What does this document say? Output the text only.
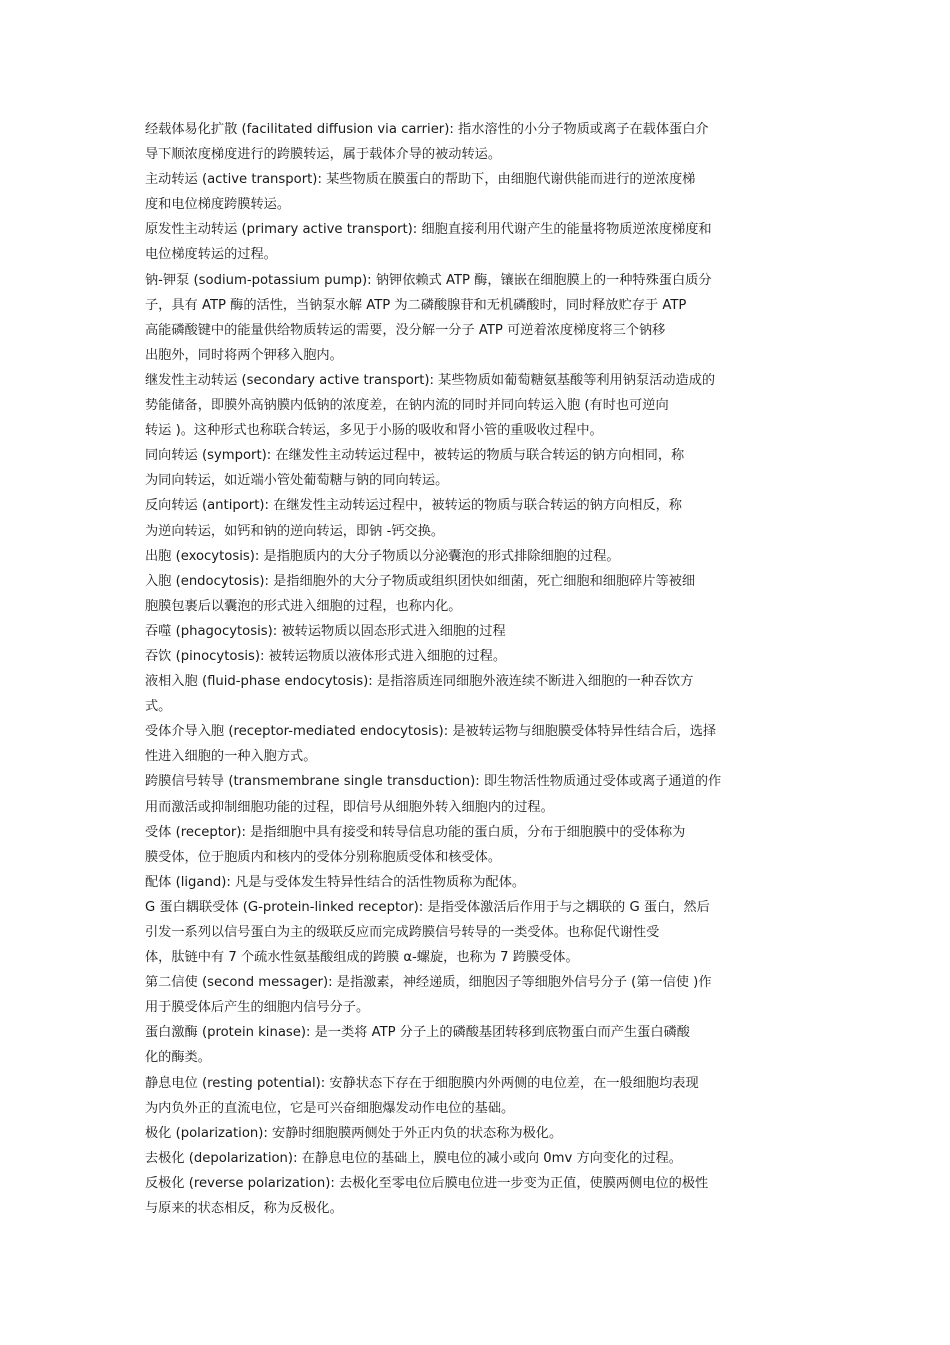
经载体易化扩散 (facilitated diffusion via carrier): 指水溶性的小分子物质或离子在载体蛋白介
导下顺浓度梯度进行的跨膜转运，属于载体介导的被动转运。
主动转运 (active transport): 某些物质在膜蛋白的帮助下，由细胞代谢供能而进行的逆浓度梯
度和电位梯度跨膜转运。
原发性主动转运 (primary active transport): 细胞直接利用代谢产生的能量将物质逆浓度梯度和
电位梯度转运的过程。
钠-钾泵 (sodium-potassium pump): 钠钾依赖式 ATP 酶，镶嵌在细胞膜上的一种特殊蛋白质分
子，具有 ATP 酶的活性，当钠泵水解 ATP 为二磷酸腺苷和无机磷酸时，同时释放贮存于 ATP
高能磷酸键中的能量供给物质转运的需要，没分解一分子 ATP 可逆着浓度梯度将三个钠移
出胞外，同时将两个钾移入胞内。
继发性主动转运 (secondary active transport): 某些物质如葡萄糖氨基酸等利用钠泵活动造成的
势能储备，即膜外高钠膜内低钠的浓度差，在钠内流的同时并同向转运入胞 (有时也可逆向
转运 )。这种形式也称联合转运，多见于小肠的吸收和肾小管的重吸收过程中。
同向转运 (symport): 在继发性主动转运过程中，被转运的物质与联合转运的钠方向相同，称
为同向转运，如近端小管处葡萄糖与钠的同向转运。
反向转运 (antiport): 在继发性主动转运过程中，被转运的物质与联合转运的钠方向相反，称
为逆向转运，如钙和钠的逆向转运，即钠 -钙交换。
出胞 (exocytosis): 是指胞质内的大分子物质以分泌囊泡的形式排除细胞的过程。
入胞 (endocytosis): 是指细胞外的大分子物质或组织团快如细菌，死亡细胞和细胞碎片等被细
胞膜包裹后以囊泡的形式进入细胞的过程，也称内化。
吞噬 (phagocytosis): 被转运物质以固态形式进入细胞的过程
吞饮 (pinocytosis): 被转运物质以液体形式进入细胞的过程。
液相入胞 (fluid-phase endocytosis): 是指溶质连同细胞外液连续不断进入细胞的一种吞饮方
式。
受体介导入胞 (receptor-mediated endocytosis): 是被转运物与细胞膜受体特异性结合后，选择
性进入细胞的一种入胞方式。
跨膜信号转导 (transmembrane single transduction): 即生物活性物质通过受体或离子通道的作
用而激活或抑制细胞功能的过程，即信号从细胞外转入细胞内的过程。
受体 (receptor): 是指细胞中具有接受和转导信息功能的蛋白质，分布于细胞膜中的受体称为
膜受体，位于胞质内和核内的受体分别称胞质受体和核受体。
配体 (ligand): 凡是与受体发生特异性结合的活性物质称为配体。
G 蛋白耦联受体 (G-protein-linked receptor): 是指受体激活后作用于与之耦联的 G 蛋白，然后
引发一系列以信号蛋白为主的级联反应而完成跨膜信号转导的一类受体。也称促代谢性受
体，肽链中有 7 个疏水性氨基酸组成的跨膜 α-螺旋，也称为 7 跨膜受体。
第二信使 (second messager): 是指激素，神经递质，细胞因子等细胞外信号分子 (第一信使 )作
用于膜受体后产生的细胞内信号分子。
蛋白激酶 (protein kinase): 是一类将 ATP 分子上的磷酸基团转移到底物蛋白而产生蛋白磷酸
化的酶类。
静息电位 (resting potential): 安静状态下存在于细胞膜内外两侧的电位差，在一般细胞均表现
为内负外正的直流电位，它是可兴奋细胞爆发动作电位的基础。
极化 (polarization): 安静时细胞膜两侧处于外正内负的状态称为极化。
去极化 (depolarization): 在静息电位的基础上，膜电位的减小或向 0mv 方向变化的过程。
反极化 (reverse polarization): 去极化至零电位后膜电位进一步变为正值，使膜两侧电位的极性
与原来的状态相反，称为反极化。
